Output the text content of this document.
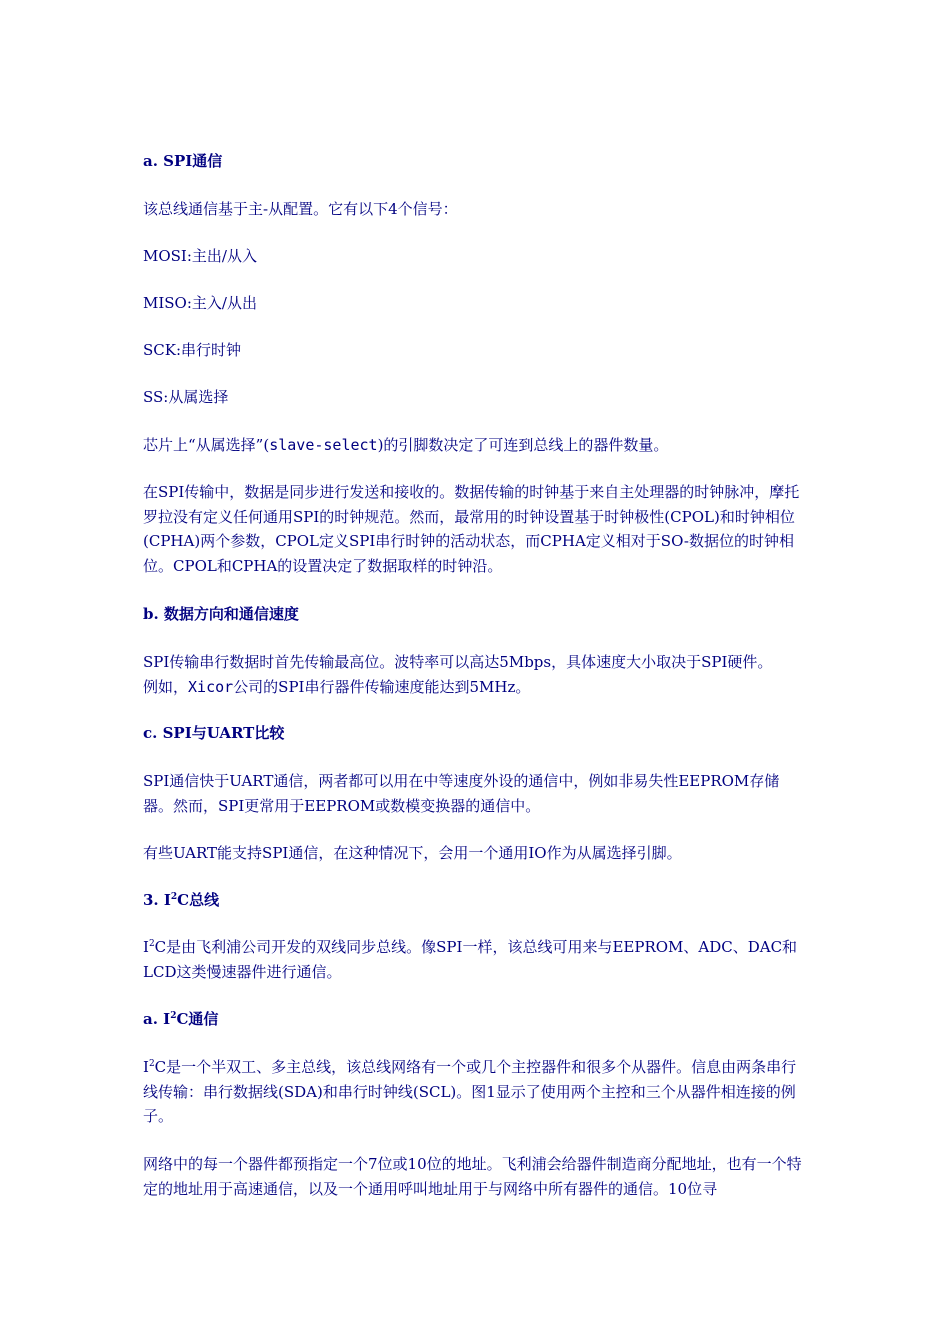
a. SPI通信

该总线通信基于主-从配置。它有以下4个信号：

MOSI:主出/从入

MISO:主入/从出

SCK:串行时钟

SS:从属选择

芯片上“从属选择”(slave-select)的引脚数决定了可连到总线上的器件数量。

在SPI传输中，数据是同步进行发送和接收的。数据传输的时钟基于来自主处理器的时钟脉冲，摩托罗拉没有定义任何通用SPI的时钟规范。然而，最常用的时钟设置基于时钟极性(CPOL)和时钟相位(CPHA)两个参数，CPOL定义SPI串行时钟的活动状态，而CPHA定义相对于SO-数据位的时钟相位。CPOL和CPHA的设置决定了数据取样的时钟沿。

b. 数据方向和通信速度

SPI传输串行数据时首先传输最高位。波特率可以高达5Mbps，具体速度大小取决于SPI硬件。
例如，Xicor公司的SPI串行器件传输速度能达到5MHz。

c. SPI与UART比较

SPI通信快于UART通信，两者都可以用在中等速度外设的通信中，例如非易失性EEPROM存储器。然而，SPI更常用于EEPROM或数模变换器的通信中。

有些UART能支持SPI通信，在这种情况下，会用一个通用IO作为从属选择引脚。

3. $I^2C$总线

$I^2C$是由飞利浦公司开发的双线同步总线。像SPI一样，该总线可用来与EEPROM、ADC、DAC和LCD这类慢速器件进行通信。

a. $I^2C$通信

$I^2C$是一个半双工、多主总线，该总线网络有一个或几个主控器件和很多个从器件。信息由两条串行线传输：串行数据线(SDA)和串行时钟线(SCL)。图1显示了使用两个主控和三个从器件相连接的例子。

网络中的每一个器件都预指定一个7位或10位的地址。飞利浦会给器件制造商分配地址，也有一个特定的地址用于高速通信，以及一个通用呼叫地址用于与网络中所有器件的通信。10位寻
